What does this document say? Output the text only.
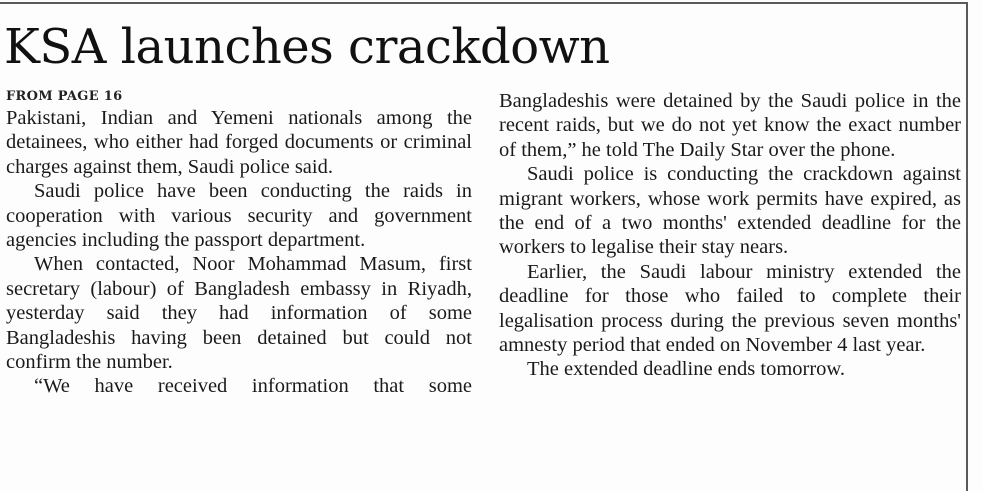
KSA launches crackdown
FROM PAGE 16

Pakistani, Indian and Yemeni nationals among the detainees, who either had forged documents or criminal charges against them, Saudi police said.

Saudi police have been conducting the raids in cooperation with various security and government agencies including the passport department.

When contacted, Noor Mohammad Masum, first secretary (labour) of Bangladesh embassy in Riyadh, yesterday said they had information of some Bangladeshis having been detained but could not confirm the number.

“We have received information that some

Bangladeshis were detained by the Saudi police in the recent raids, but we do not yet know the exact number of them,” he told The Daily Star over the phone.

Saudi police is conducting the crackdown against migrant workers, whose work permits have expired, as the end of a two months' extended deadline for the workers to legalise their stay nears.

Earlier, the Saudi labour ministry extended the deadline for those who failed to complete their legalisation process during the previous seven months' amnesty period that ended on November 4 last year.

The extended deadline ends tomorrow.
